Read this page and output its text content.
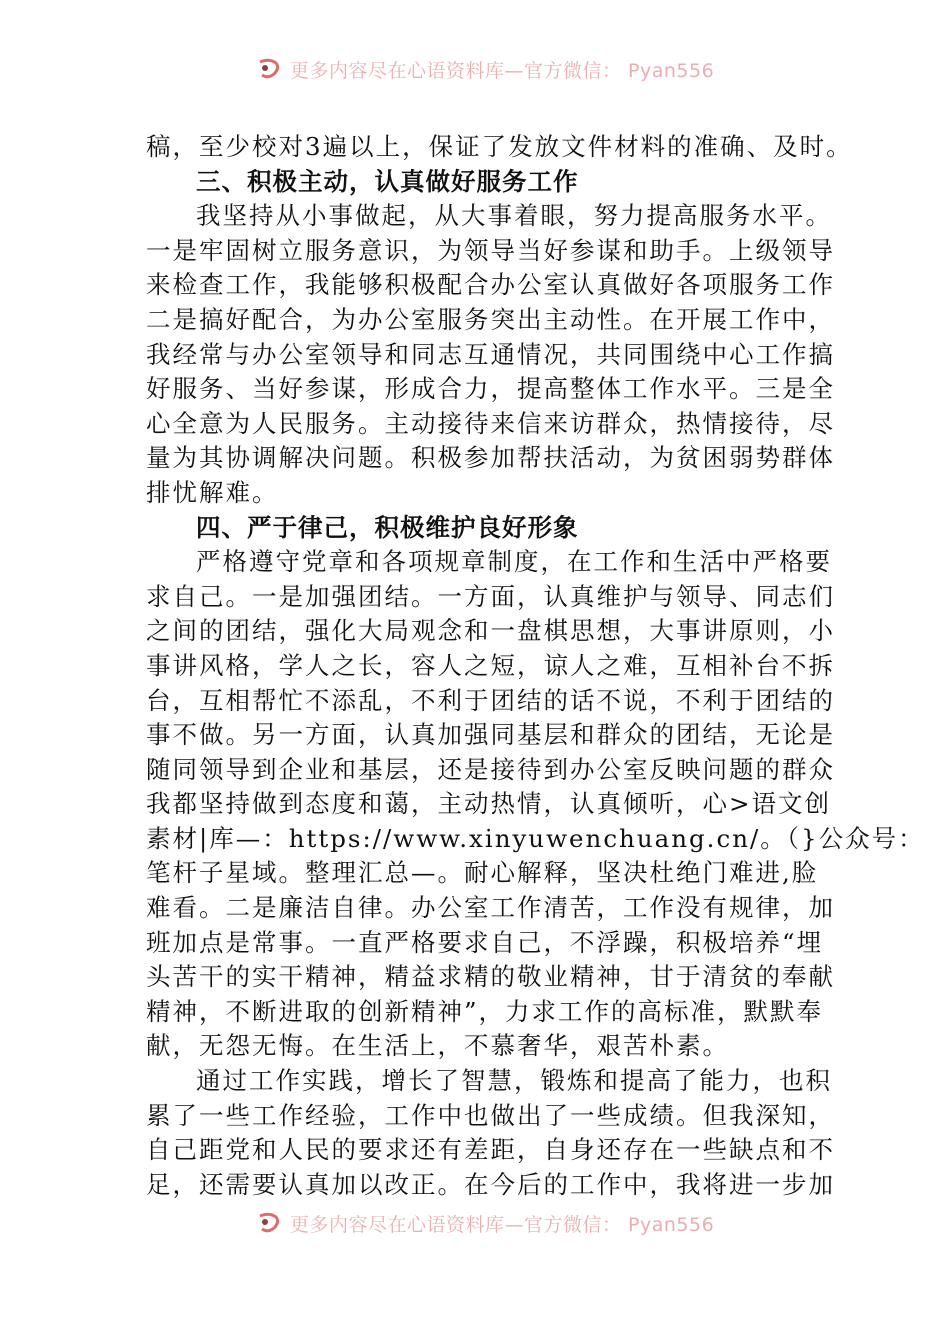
更多内容尽在心语资料库—官方微信： Pyan556
稿，至少校对3遍以上，保证了发放文件材料的准确、及时。
三、积极主动，认真做好服务工作
我坚持从小事做起，从大事着眼，努力提高服务水平。
一是牢固树立服务意识，为领导当好参谋和助手。上级领导
来检查工作，我能够积极配合办公室认真做好各项服务工作
二是搞好配合，为办公室服务突出主动性。在开展工作中，
我经常与办公室领导和同志互通情况，共同围绕中心工作搞
好服务、当好参谋，形成合力，提高整体工作水平。三是全
心全意为人民服务。主动接待来信来访群众，热情接待，尽
量为其协调解决问题。积极参加帮扶活动，为贫困弱势群体
排忧解难。
四、严于律己，积极维护良好形象
严格遵守党章和各项规章制度，在工作和生活中严格要
求自己。一是加强团结。一方面，认真维护与领导、同志们
之间的团结，强化大局观念和一盘棋思想，大事讲原则，小
事讲风格，学人之长，容人之短，谅人之难，互相补台不拆
台，互相帮忙不添乱，不利于团结的话不说，不利于团结的
事不做。另一方面，认真加强同基层和群众的团结，无论是
随同领导到企业和基层，还是接待到办公室反映问题的群众
我都坚持做到态度和蔼，主动热情，认真倾听，心>语文创
素材|库—：https://www.xinyuwenchuang.cn/。（}公众号：
笔杆子星域。整理汇总—。耐心解释，坚决杜绝门难进,脸
难看。二是廉洁自律。办公室工作清苦，工作没有规律，加
班加点是常事。一直严格要求自己，不浮躁，积极培养“埋
头苦干的实干精神，精益求精的敬业精神，甘于清贫的奉献
精神，不断进取的创新精神”，力求工作的高标准，默默奉
献，无怨无悔。在生活上，不慕奢华，艰苦朴素。
通过工作实践，增长了智慧，锻炼和提高了能力，也积
累了一些工作经验，工作中也做出了一些成绩。但我深知，
自己距党和人民的要求还有差距，自身还存在一些缺点和不
足，还需要认真加以改正。在今后的工作中，我将进一步加
更多内容尽在心语资料库—官方微信： Pyan556
